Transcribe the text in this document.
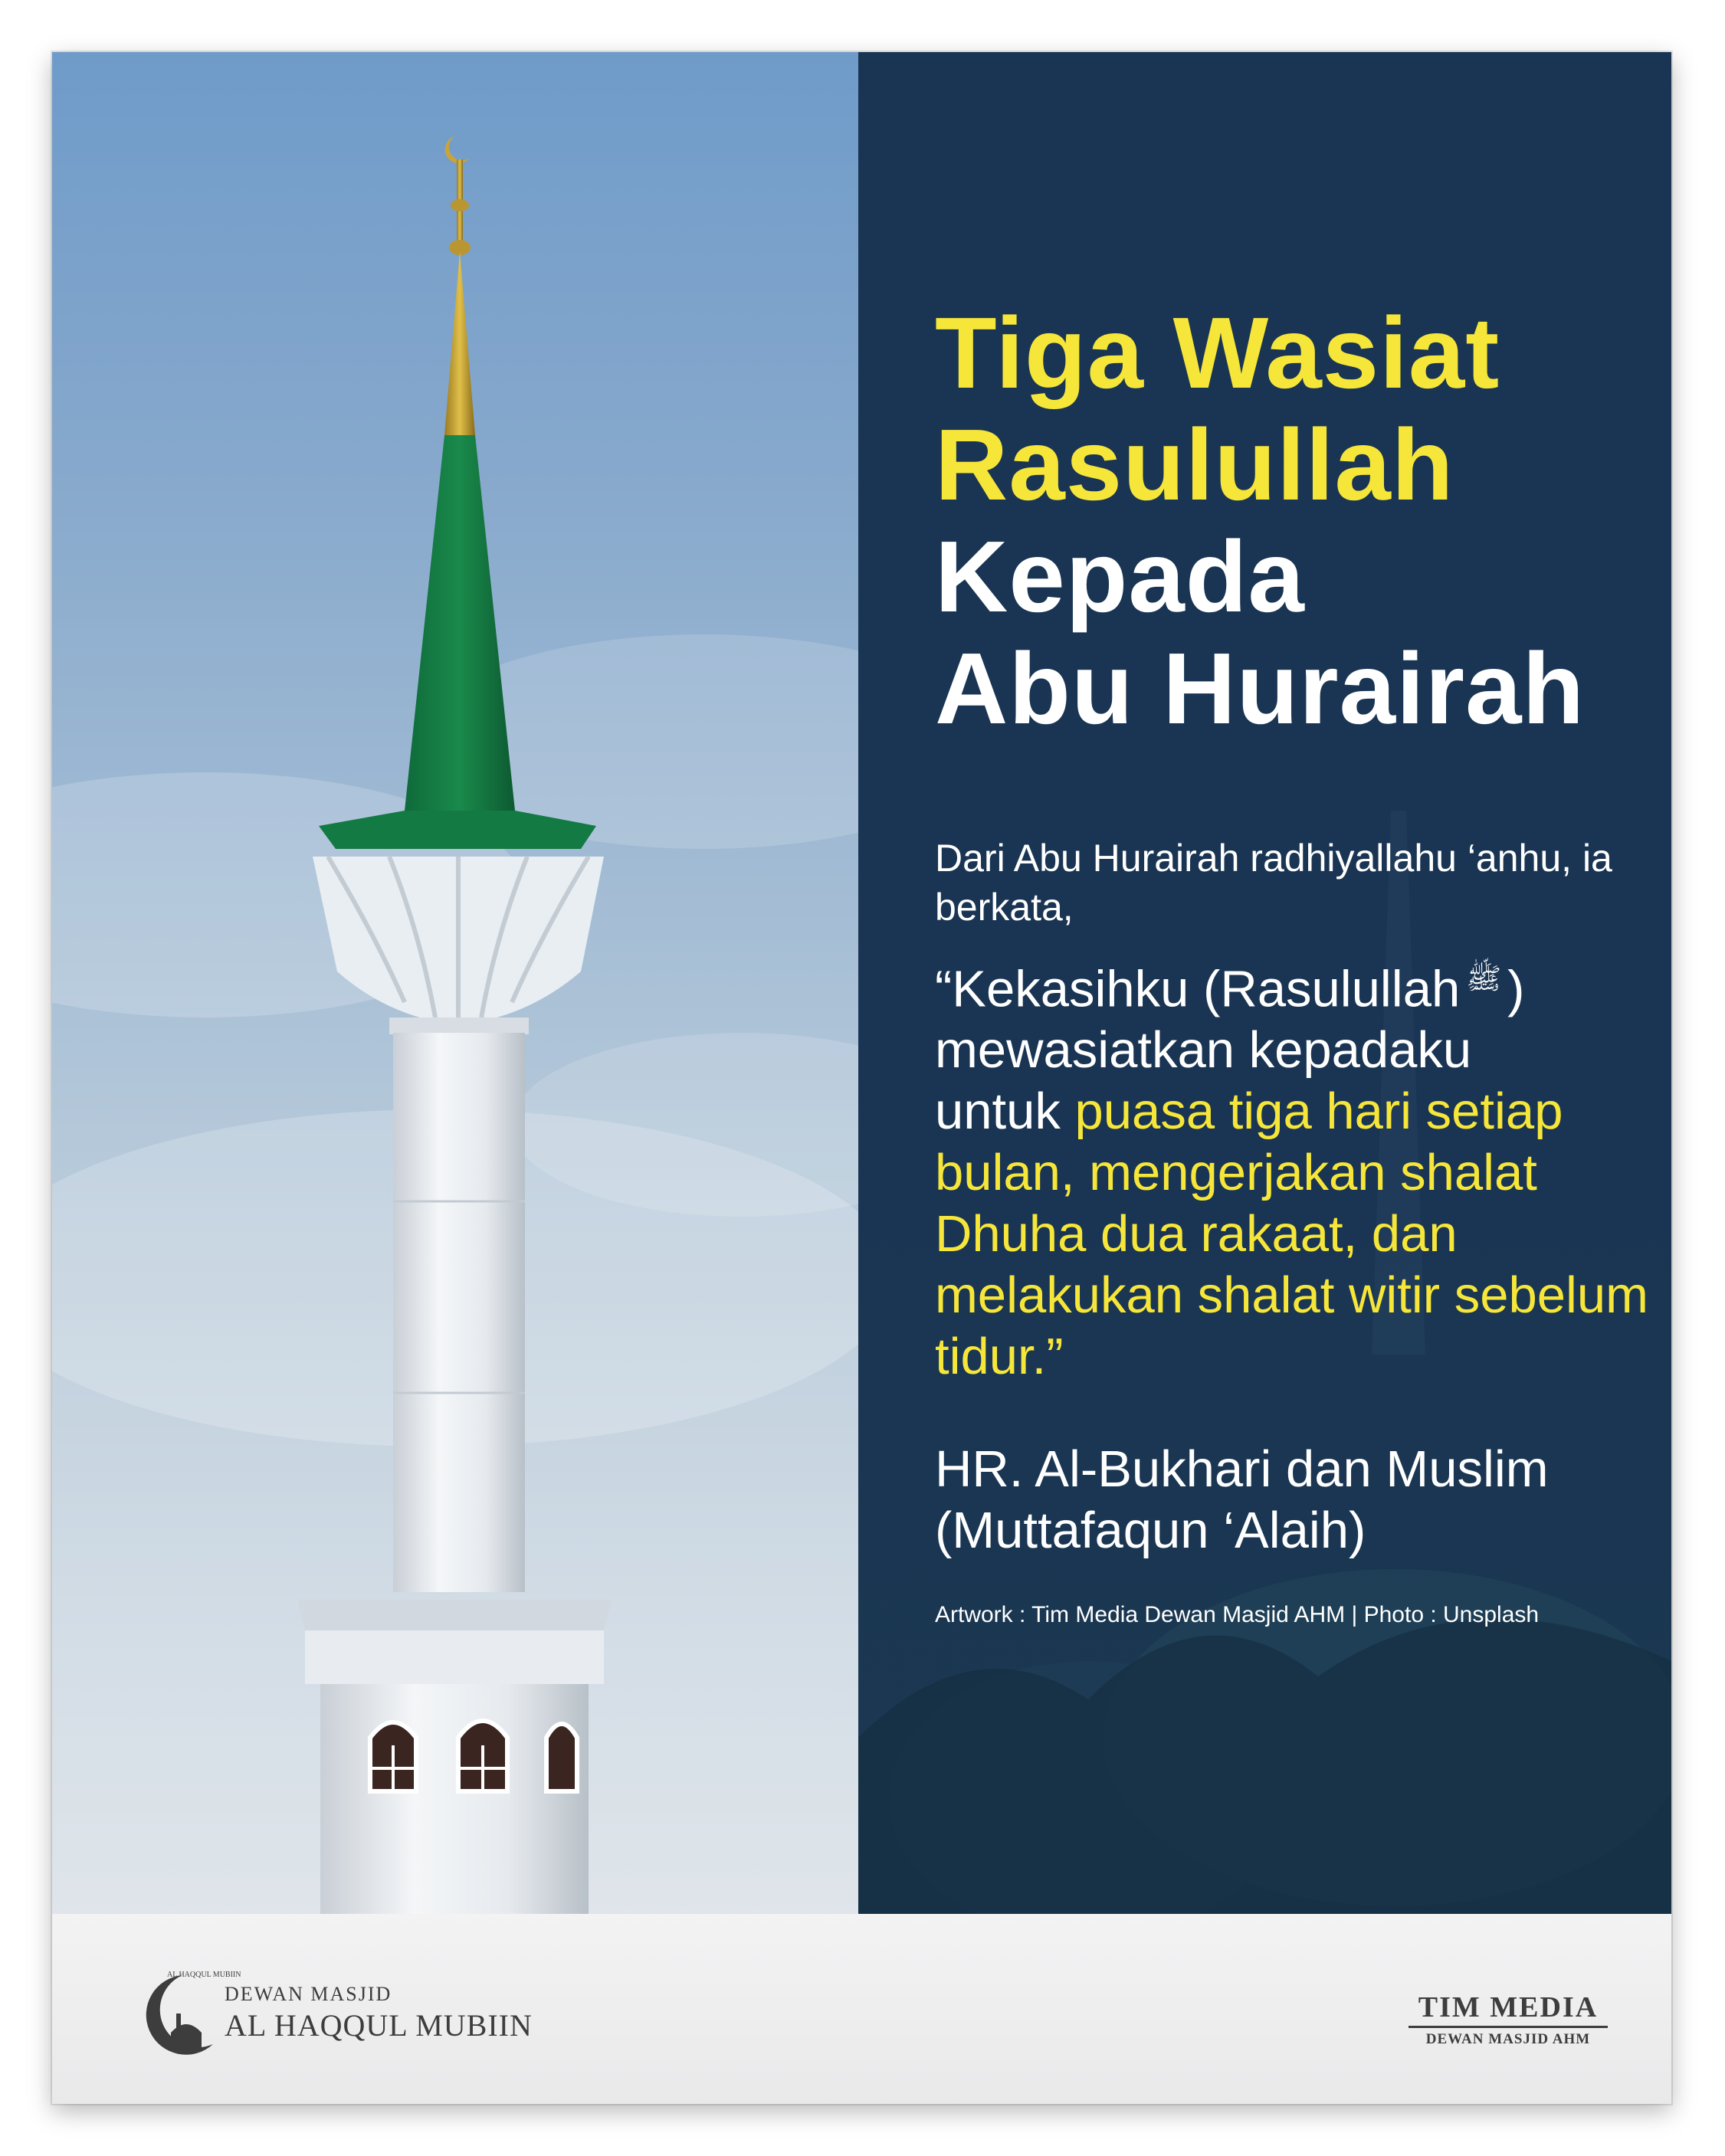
Tiga Wasiat
Rasulullah
Kepada
Abu Hurairah

Dari Abu Hurairah radhiyallahu ‘anhu, ia berkata,

“Kekasihku (Rasulullah ﷺ )
mewasiatkan kepadaku
untuk puasa tiga hari setiap bulan, mengerjakan shalat Dhuha dua rakaat, dan melakukan shalat witir sebelum tidur.”

HR. Al-Bukhari dan Muslim
(Muttafaqun ‘Alaih)

Artwork : Tim Media Dewan Masjid AHM | Photo : Unsplash

AL HAQQUL MUBIIN
DEWAN MASJID
AL HAQQUL MUBIIN
TIM MEDIA
DEWAN MASJID AHM
